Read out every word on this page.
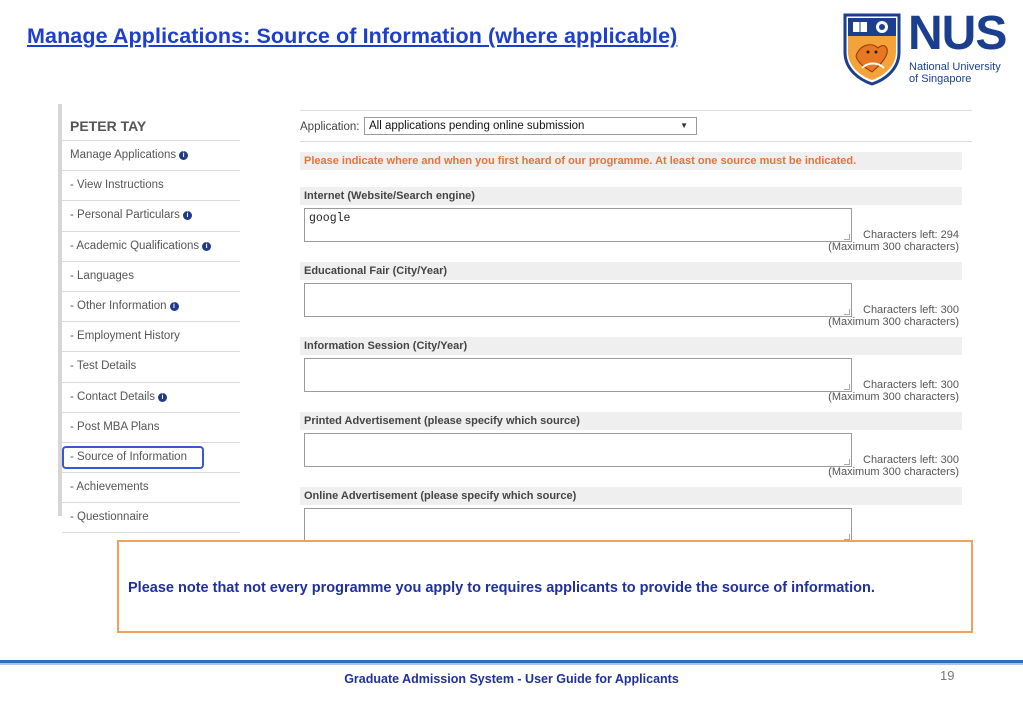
Manage Applications: Source of Information (where applicable)	NUS
National University
of Singapore
PETER TAY
Manage Applications i
- View Instructions
- Personal Particulars i
- Academic Qualifications i
- Languages
- Other Information i
- Employment History
- Test Details
- Contact Details i
- Post MBA Plans
- Source of Information
- Achievements
- Questionnaire
Application: All applications pending online submission	▼
Please indicate where and when you first heard of our programme. At least one source must be indicated.
Internet (Website/Search engine)
google
Characters left: 294
(Maximum 300 characters)
Educational Fair (City/Year)
Characters left: 300
(Maximum 300 characters)
Information Session (City/Year)
Characters left: 300
(Maximum 300 characters)
Printed Advertisement (please specify which source)
Characters left: 300
(Maximum 300 characters)
Online Advertisement (please specify which source)
Please note that not every programme you apply to requires applicants to provide the source of information.
Graduate Admission System - User Guide for Applicants	19
